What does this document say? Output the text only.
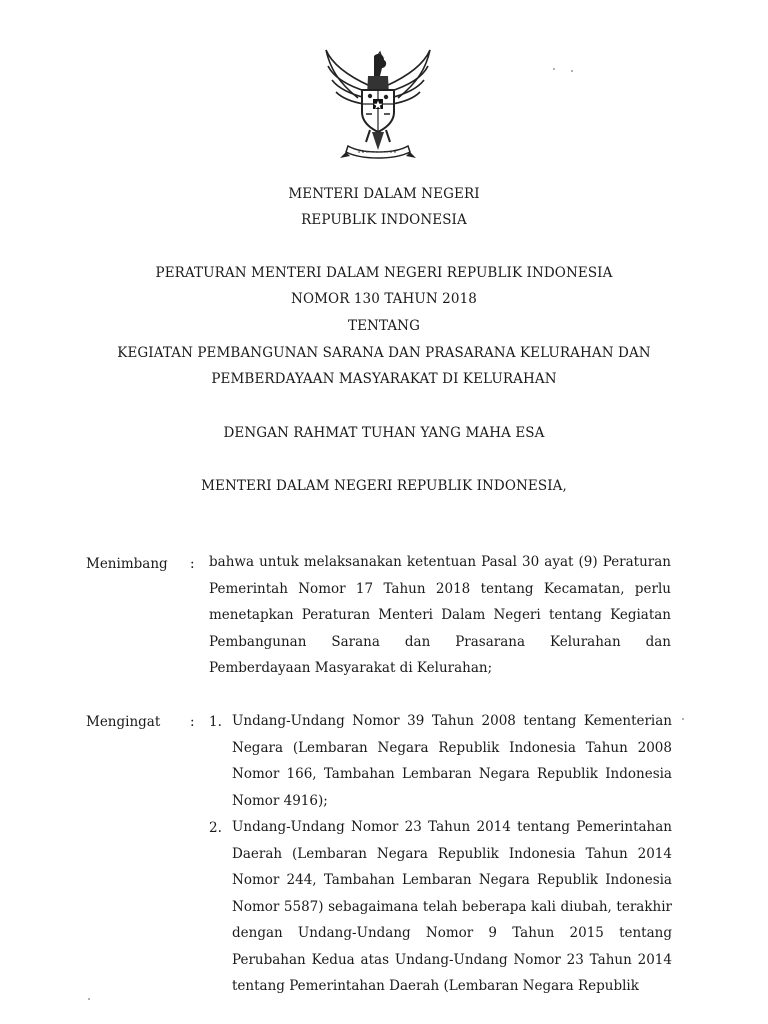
MENTERI DALAM NEGERI
REPUBLIK INDONESIA
PERATURAN MENTERI DALAM NEGERI REPUBLIK INDONESIA
NOMOR 130 TAHUN 2018
TENTANG
KEGIATAN PEMBANGUNAN SARANA DAN PRASARANA KELURAHAN DAN
PEMBERDAYAAN MASYARAKAT DI KELURAHAN
DENGAN RAHMAT TUHAN YANG MAHA ESA
MENTERI DALAM NEGERI REPUBLIK INDONESIA,
Menimbang : bahwa untuk melaksanakan ketentuan Pasal 30 ayat (9) Peraturan Pemerintah Nomor 17 Tahun 2018 tentang Kecamatan, perlu menetapkan Peraturan Menteri Dalam Negeri tentang Kegiatan Pembangunan Sarana dan Prasarana Kelurahan dan Pemberdayaan Masyarakat di Kelurahan;
Mengingat : 1. Undang-Undang Nomor 39 Tahun 2008 tentang Kementerian Negara (Lembaran Negara Republik Indonesia Tahun 2008 Nomor 166, Tambahan Lembaran Negara Republik Indonesia Nomor 4916);
2. Undang-Undang Nomor 23 Tahun 2014 tentang Pemerintahan Daerah (Lembaran Negara Republik Indonesia Tahun 2014 Nomor 244, Tambahan Lembaran Negara Republik Indonesia Nomor 5587) sebagaimana telah beberapa kali diubah, terakhir dengan Undang-Undang Nomor 9 Tahun 2015 tentang Perubahan Kedua atas Undang-Undang Nomor 23 Tahun 2014 tentang Pemerintahan Daerah (Lembaran Negara Republik
